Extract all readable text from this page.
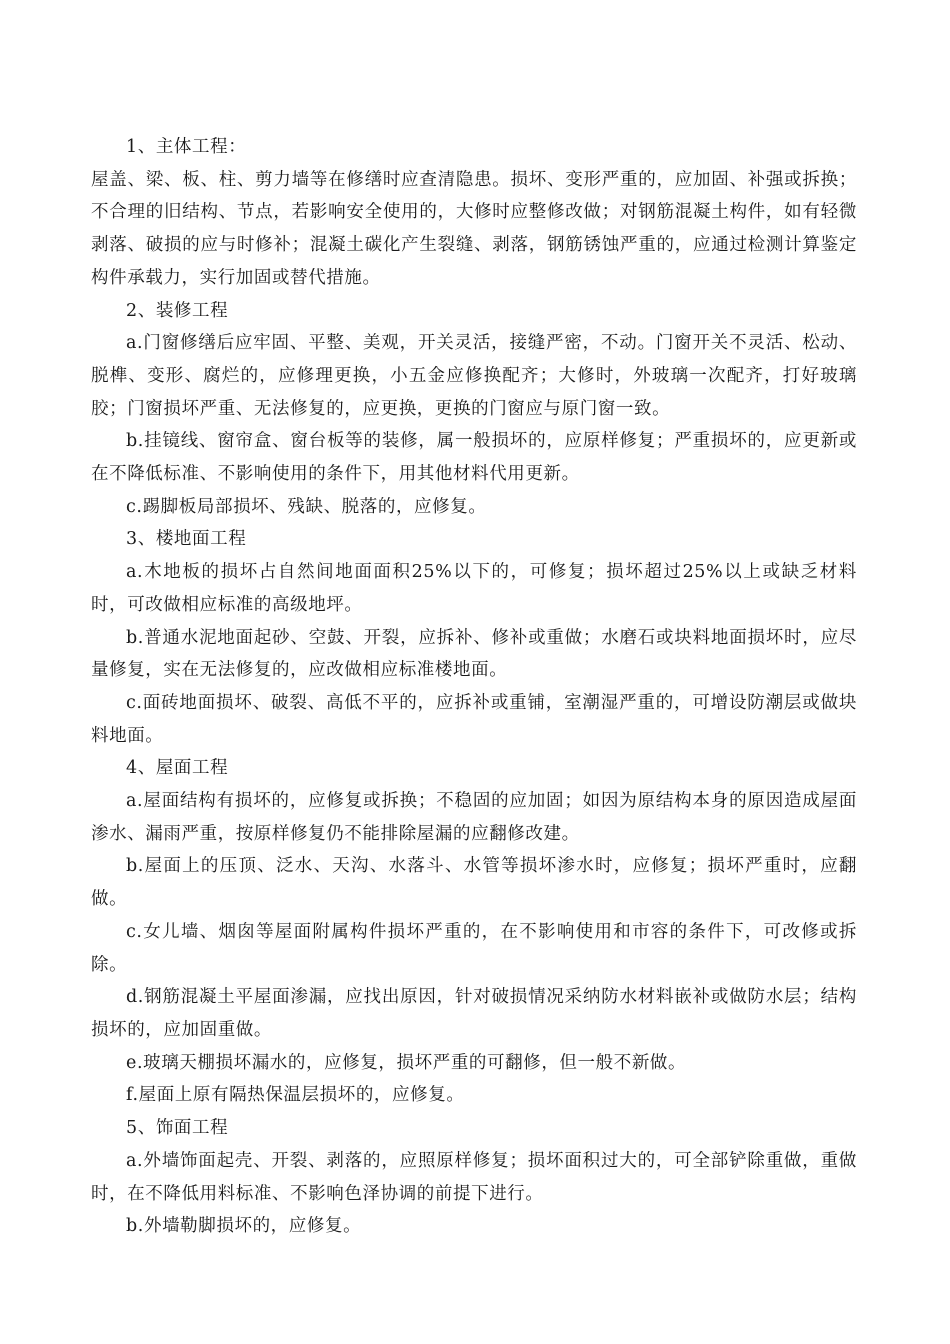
1、主体工程：

屋盖、梁、板、柱、剪力墙等在修缮时应查清隐患。损坏、变形严重的，应加固、补强或拆换；不合理的旧结构、节点，若影响安全使用的，大修时应整修改做；对钢筋混凝土构件，如有轻微剥落、破损的应与时修补；混凝土碳化产生裂缝、剥落，钢筋锈蚀严重的，应通过检测计算鉴定构件承载力，实行加固或替代措施。

2、装修工程

a.门窗修缮后应牢固、平整、美观，开关灵活，接缝严密，不动。门窗开关不灵活、松动、脱榫、变形、腐烂的，应修理更换，小五金应修换配齐；大修时，外玻璃一次配齐，打好玻璃胶；门窗损坏严重、无法修复的，应更换，更换的门窗应与原门窗一致。

b.挂镜线、窗帘盒、窗台板等的装修，属一般损坏的，应原样修复；严重损坏的，应更新或在不降低标准、不影响使用的条件下，用其他材料代用更新。

c.踢脚板局部损坏、残缺、脱落的，应修复。

3、楼地面工程

a.木地板的损坏占自然间地面面积25%以下的，可修复；损坏超过25%以上或缺乏材料时，可改做相应标准的高级地坪。

b.普通水泥地面起砂、空鼓、开裂，应拆补、修补或重做；水磨石或块料地面损坏时，应尽量修复，实在无法修复的，应改做相应标准楼地面。

c.面砖地面损坏、破裂、高低不平的，应拆补或重铺，室潮湿严重的，可增设防潮层或做块料地面。

4、屋面工程

a.屋面结构有损坏的，应修复或拆换；不稳固的应加固；如因为原结构本身的原因造成屋面渗水、漏雨严重，按原样修复仍不能排除屋漏的应翻修改建。

b.屋面上的压顶、泛水、天沟、水落斗、水管等损坏渗水时，应修复；损坏严重时，应翻做。

c.女儿墙、烟囱等屋面附属构件损坏严重的，在不影响使用和市容的条件下，可改修或拆除。

d.钢筋混凝土平屋面渗漏，应找出原因，针对破损情况采纳防水材料嵌补或做防水层；结构损坏的，应加固重做。

e.玻璃天棚损坏漏水的，应修复，损坏严重的可翻修，但一般不新做。

f.屋面上原有隔热保温层损坏的，应修复。

5、饰面工程

a.外墙饰面起壳、开裂、剥落的，应照原样修复；损坏面积过大的，可全部铲除重做，重做时，在不降低用料标准、不影响色泽协调的前提下进行。

b.外墙勒脚损坏的，应修复。
